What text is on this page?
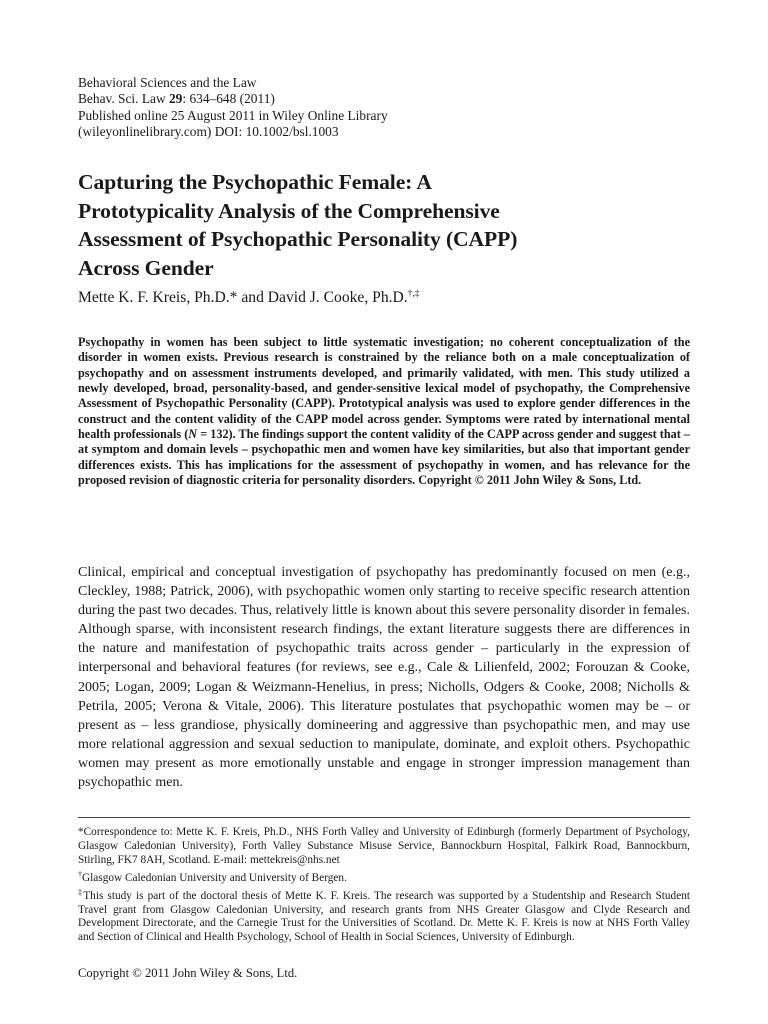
Behavioral Sciences and the Law
Behav. Sci. Law 29: 634–648 (2011)
Published online 25 August 2011 in Wiley Online Library
(wileyonlinelibrary.com) DOI: 10.1002/bsl.1003
Capturing the Psychopathic Female: A
Prototypicality Analysis of the Comprehensive
Assessment of Psychopathic Personality (CAPP)
Across Gender
Mette K. F. Kreis, Ph.D.* and David J. Cooke, Ph.D.†,‡
Psychopathy in women has been subject to little systematic investigation; no coherent conceptualization of the disorder in women exists. Previous research is constrained by the reliance both on a male conceptualization of psychopathy and on assessment instruments developed, and primarily validated, with men. This study utilized a newly developed, broad, personality-based, and gender-sensitive lexical model of psychopathy, the Comprehensive Assessment of Psychopathic Personality (CAPP). Prototypical analysis was used to explore gender differences in the construct and the content validity of the CAPP model across gender. Symptoms were rated by international mental health professionals (N = 132). The findings support the content validity of the CAPP across gender and suggest that – at symptom and domain levels – psychopathic men and women have key similarities, but also that important gender differences exists. This has implications for the assessment of psychopathy in women, and has relevance for the proposed revision of diagnostic criteria for personality disorders. Copyright © 2011 John Wiley & Sons, Ltd.
Clinical, empirical and conceptual investigation of psychopathy has predominantly focused on men (e.g., Cleckley, 1988; Patrick, 2006), with psychopathic women only starting to receive specific research attention during the past two decades. Thus, relatively little is known about this severe personality disorder in females. Although sparse, with inconsistent research findings, the extant literature suggests there are differences in the nature and manifestation of psychopathic traits across gender – particularly in the expression of interpersonal and behavioral features (for reviews, see e.g., Cale & Lilienfeld, 2002; Forouzan & Cooke, 2005; Logan, 2009; Logan & Weizmann-Henelius, in press; Nicholls, Odgers & Cooke, 2008; Nicholls & Petrila, 2005; Verona & Vitale, 2006). This literature postulates that psychopathic women may be – or present as – less grandiose, physically domineering and aggressive than psychopathic men, and may use more relational aggression and sexual seduction to manipulate, dominate, and exploit others. Psychopathic women may present as more emotionally unstable and engage in stronger impression management than psychopathic men.

*Correspondence to: Mette K. F. Kreis, Ph.D., NHS Forth Valley and University of Edinburgh (formerly Department of Psychology, Glasgow Caledonian University), Forth Valley Substance Misuse Service, Bannockburn Hospital, Falkirk Road, Bannockburn, Stirling, FK7 8AH, Scotland. E-mail: mettekreis@nhs.net

†Glasgow Caledonian University and University of Bergen.

‡This study is part of the doctoral thesis of Mette K. F. Kreis. The research was supported by a Studentship and Research Student Travel grant from Glasgow Caledonian University, and research grants from NHS Greater Glasgow and Clyde Research and Development Directorate, and the Carnegie Trust for the Universities of Scotland. Dr. Mette K. F. Kreis is now at NHS Forth Valley and Section of Clinical and Health Psychology, School of Health in Social Sciences, University of Edinburgh.

Copyright © 2011 John Wiley & Sons, Ltd.
